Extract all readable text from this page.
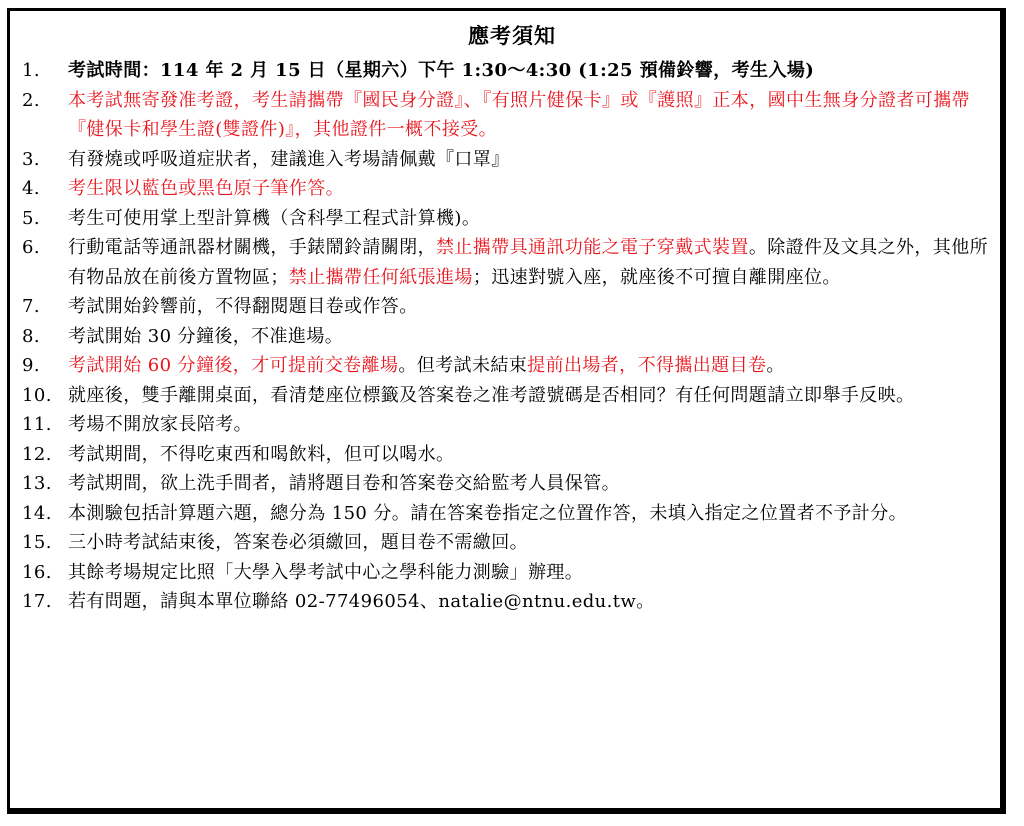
應考須知
1.	考試時間：114 年 2 月 15 日（星期六）下午 1:30～4:30 (1:25 預備鈴響，考生入場)
2.	本考試無寄發准考證，考生請攜帶『國民身分證』、『有照片健保卡』或『護照』正本，國中生無身分證者可攜帶『健保卡和學生證(雙證件)』，其他證件一概不接受。
3.	有發燒或呼吸道症狀者，建議進入考場請佩戴『口罩』
4.	考生限以藍色或黑色原子筆作答。
5.	考生可使用掌上型計算機（含科學工程式計算機)。
6.	行動電話等通訊器材關機，手錶鬧鈴請關閉，禁止攜帶具通訊功能之電子穿戴式裝置。除證件及文具之外，其他所有物品放在前後方置物區；禁止攜帶任何紙張進場；迅速對號入座，就座後不可擅自離開座位。
7.	考試開始鈴響前，不得翻閱題目卷或作答。
8.	考試開始 30 分鐘後，不准進場。
9.	考試開始 60 分鐘後，才可提前交卷離場。但考試未結束提前出場者，不得攜出題目卷。
10. 就座後，雙手離開桌面，看清楚座位標籤及答案卷之准考證號碼是否相同？有任何問題請立即舉手反映。
11. 考場不開放家長陪考。
12. 考試期間，不得吃東西和喝飲料，但可以喝水。
13. 考試期間，欲上洗手間者，請將題目卷和答案卷交給監考人員保管。
14. 本測驗包括計算題六題，總分為 150 分。請在答案卷指定之位置作答，未填入指定之位置者不予計分。
15. 三小時考試結束後，答案卷必須繳回，題目卷不需繳回。
16. 其餘考場規定比照「大學入學考試中心之學科能力測驗」辦理。
17. 若有問題，請與本單位聯絡 02-77496054、natalie@ntnu.edu.tw。
